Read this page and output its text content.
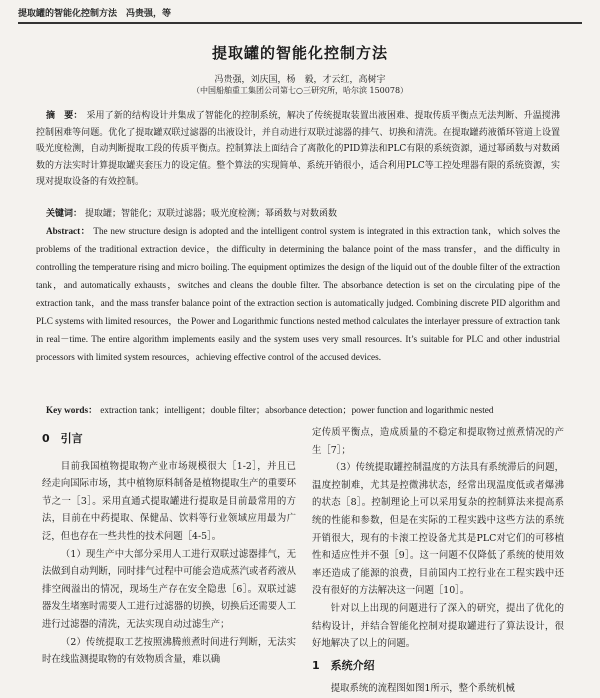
提取罐的智能化控制方法　冯贵强，等
提取罐的智能化控制方法
冯贵强，刘庆国，杨　毅，才云红，高树宇
（中国船舶重工集团公司第七○三研究所，哈尔滨 150078）
摘　要： 采用了新的结构设计并集成了智能化的控制系统，解决了传统提取装置出液困难、提取传质平衡点无法判断、升温搅沸控制困难等问题。优化了提取罐双联过滤器的出液设计，并自动进行双联过滤器的排气、切换和清洗。在提取罐药液循环管道上设置吸光度检测，自动判断提取工段的传质平衡点。控制算法上面结合了离散化的PID算法和PLC有限的系统资源，通过幂函数与对数函数的方法实时计算提取罐夹套压力的设定值。整个算法的实现简单、系统开销很小，适合利用PLC等工控处理器有限的系统资源，实现对提取设备的有效控制。
关键词： 提取罐；智能化；双联过滤器；吸光度检测；幂函数与对数函数
Abstract： The new structure design is adopted and the intelligent control system is integrated in this extraction tank，which solves the problems of the traditional extraction device，the difficulty in determining the balance point of the mass transfer，and the difficulty in controlling the temperature rising and micro boiling. The equipment optimizes the design of the liquid out of the double filter of the extraction tank，and automatically exhausts，switches and cleans the double filter. The absorbance detection is set on the circulating pipe of the extraction tank，and the mass transfer balance point of the extraction section is automatically judged. Combining discrete PID algorithm and PLC systems with limited resources，the Power and Logarithmic functions nested method calculates the interlayer pressure of extraction tank in real－time. The entire algorithm implements easily and the system uses very small resources. It’s suitable for PLC and other industrial processors with limited system resources，achieving effective control of the accused devices.
Key words： extraction tank；intelligent；double filter；absorbance detection；power function and logarithmic nested
0　引言

目前我国植物提取物产业市场规模很大［1-2］，并且已经走向国际市场，其中植物原料制备是植物提取生产的重要环节之一［3］。采用直通式提取罐进行提取是目前最常用的方法，目前在中药提取、保健品、饮料等行业领域应用最为广泛，但也存在一些共性的技术问题［4-5］。

（1）现生产中大部分采用人工进行双联过滤器排气，无法做到自动判断，同时排气过程中可能会造成蒸汽或者药液从排空阀溢出的情况，现场生产存在安全隐患［6］。双联过滤器发生堵塞时需要人工进行过滤器的切换，切换后还需要人工进行过滤器的清洗，无法实现自动过滤生产；

（2）传统提取工艺按照沸腾煎煮时间进行判断，无法实时在线监测提取物的有效物质含量，难以确

定传质平衡点，造成质量的不稳定和提取物过煎煮情况的产生［7］；

（3）传统提取罐控制温度的方法具有系统滞后的问题，温度控制难，尤其是控微沸状态，经常出现温度低或者爆沸的状态［8］。控制理论上可以采用复杂的控制算法来提高系统的性能和参数，但是在实际的工程实践中这些方法的系统开销很大，现有的卡滚工控设备尤其是PLC对它们的可移植性和适应性并不强［9］。这一问题不仅降低了系统的使用效率还造成了能源的浪费，目前国内工控行业在工程实践中还没有很好的方法解决这一问题［10］。

针对以上出现的问题进行了深入的研究，提出了优化的结构设计，并结合智能化控制对提取罐进行了算法设计，很好地解决了以上的问题。

1　系统介绍

提取系统的流程图如图1所示，整个系统机械
